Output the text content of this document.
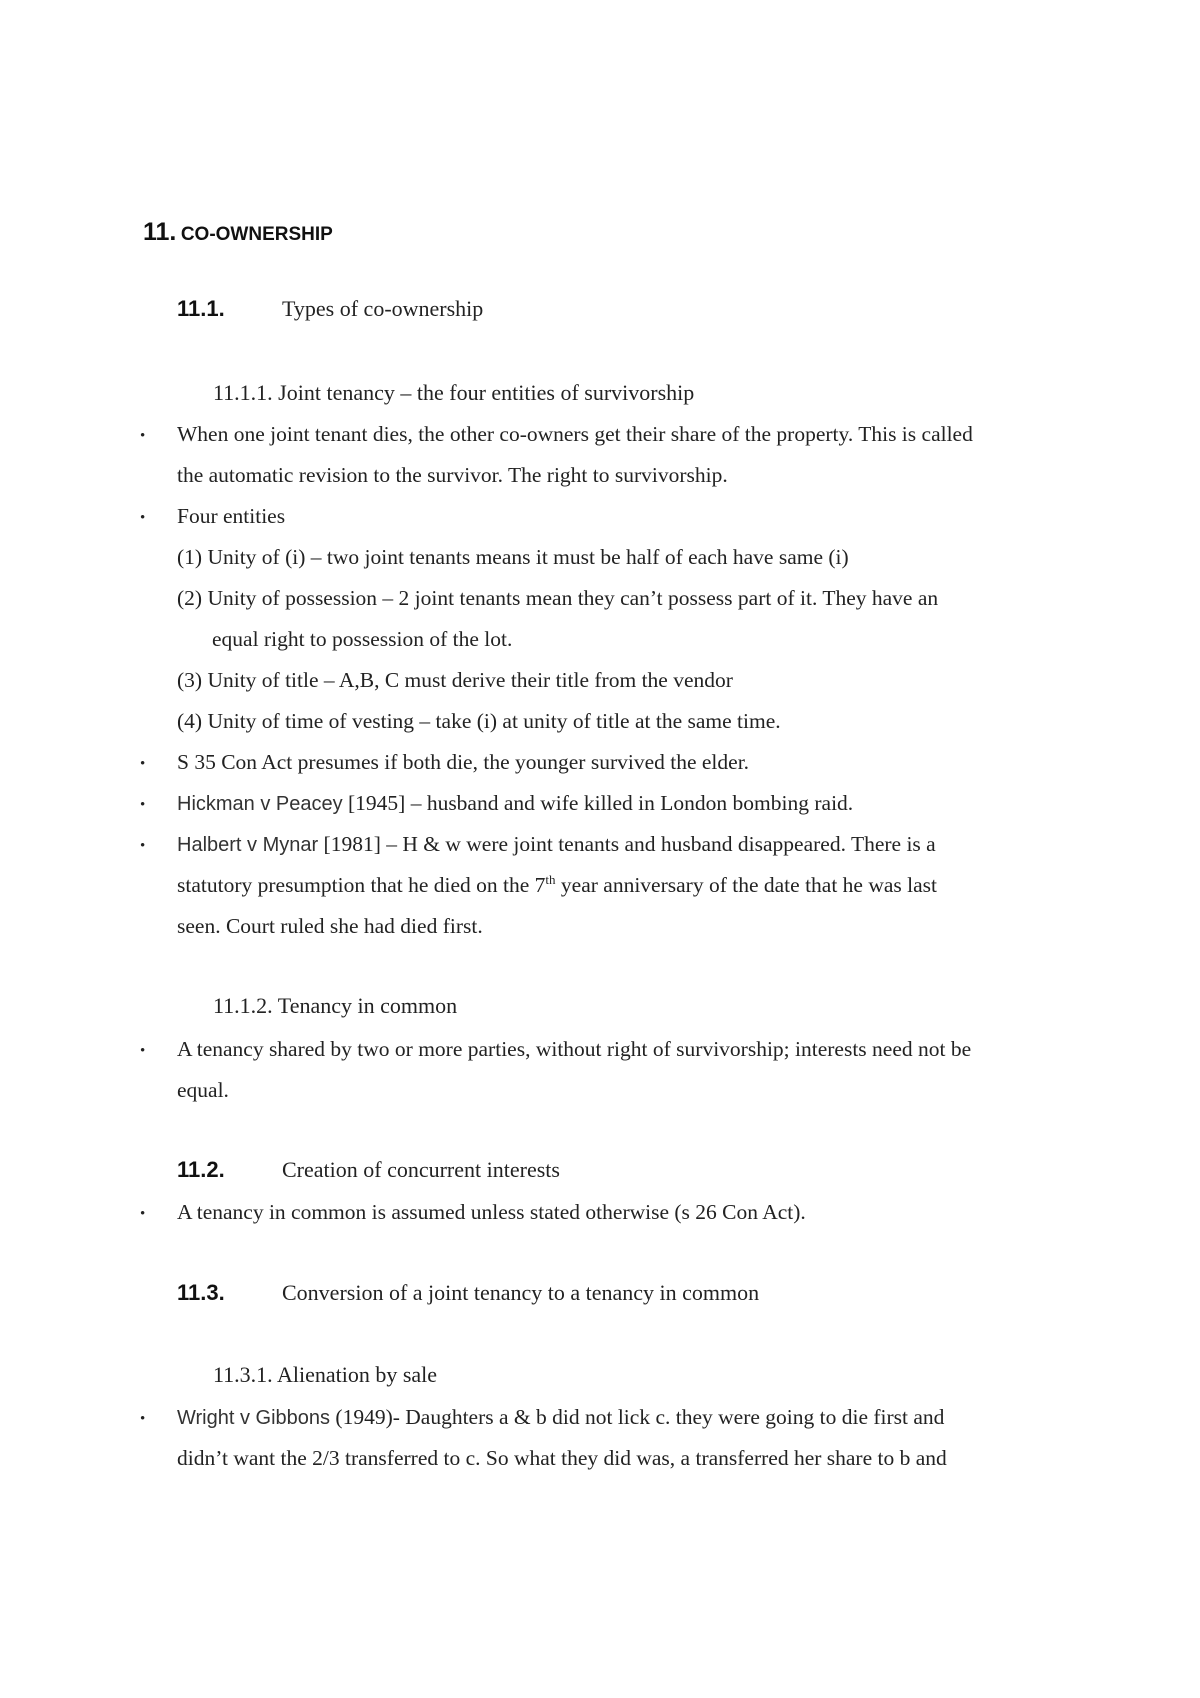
11. CO-OWNERSHIP
11.1.	Types of co-ownership
11.1.1. Joint tenancy – the four entities of survivorship
• When one joint tenant dies, the other co-owners get their share of the property. This is called
the automatic revision to the survivor. The right to survivorship.
• Four entities
(1) Unity of (i) – two joint tenants means it must be half of each have same (i)
(2) Unity of possession – 2 joint tenants mean they can’t possess part of it. They have an
equal right to possession of the lot.
(3) Unity of title – A,B, C must derive their title from the vendor
(4) Unity of time of vesting – take (i) at unity of title at the same time.
• S 35 Con Act presumes if both die, the younger survived the elder.
• Hickman v Peacey [1945] – husband and wife killed in London bombing raid.
• Halbert v Mynar [1981] – H & w were joint tenants and husband disappeared. There is a
statutory presumption that he died on the 7th year anniversary of the date that he was last
seen. Court ruled she had died first.
11.1.2. Tenancy in common
• A tenancy shared by two or more parties, without right of survivorship; interests need not be
equal.
11.2.	Creation of concurrent interests
• A tenancy in common is assumed unless stated otherwise (s 26 Con Act).
11.3.	Conversion of a joint tenancy to a tenancy in common
11.3.1. Alienation by sale
• Wright v Gibbons (1949)- Daughters a & b did not lick c. they were going to die first and
didn’t want the 2/3 transferred to c. So what they did was, a transferred her share to b and
